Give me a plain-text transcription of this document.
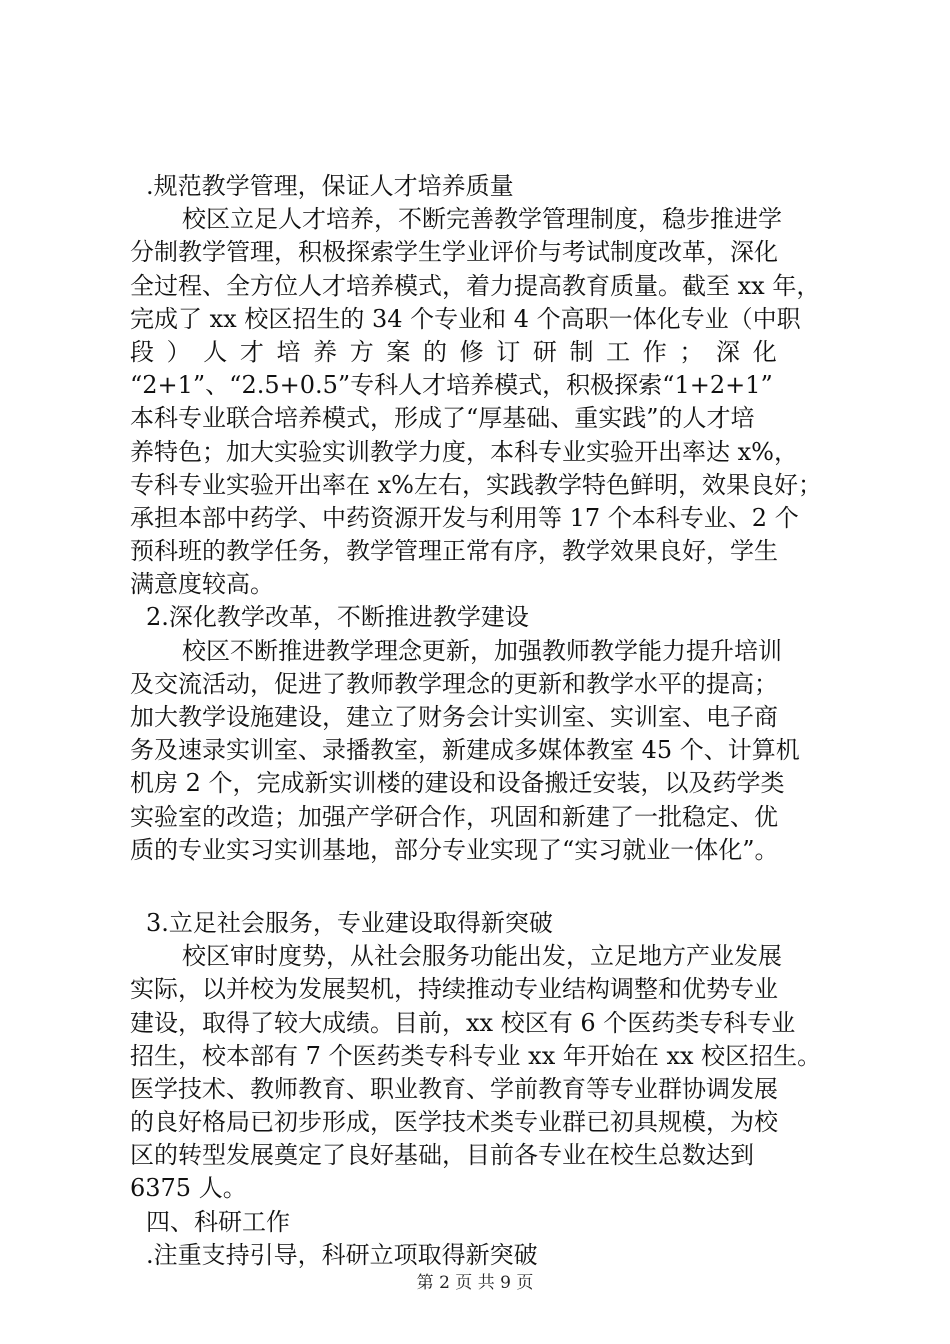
.规范教学管理，保证人才培养质量
校区立足人才培养，不断完善教学管理制度，稳步推进学
分制教学管理，积极探索学生学业评价与考试制度改革，深化
全过程、全方位人才培养模式，着力提高教育质量。截至 xx 年，
完成了 xx 校区招生的 34 个专业和 4 个高职一体化专业（中职
段 ） 人 才 培 养 方 案 的 修 订 研 制 工 作 ； 深 化
“2+1”、“2.5+0.5”专科人才培养模式，积极探索“1+2+1”
本科专业联合培养模式，形成了“厚基础、重实践”的人才培
养特色；加大实验实训教学力度，本科专业实验开出率达 x%，
专科专业实验开出率在 x%左右，实践教学特色鲜明，效果良好；
承担本部中药学、中药资源开发与利用等 17 个本科专业、2 个
预科班的教学任务，教学管理正常有序，教学效果良好，学生
满意度较高。
2.深化教学改革，不断推进教学建设
校区不断推进教学理念更新，加强教师教学能力提升培训
及交流活动，促进了教师教学理念的更新和教学水平的提高；
加大教学设施建设，建立了财务会计实训室、实训室、电子商
务及速录实训室、录播教室，新建成多媒体教室 45 个、计算机
机房 2 个，完成新实训楼的建设和设备搬迁安装，以及药学类
实验室的改造；加强产学研合作，巩固和新建了一批稳定、优
质的专业实习实训基地，部分专业实现了“实习就业一体化”。
3.立足社会服务，专业建设取得新突破
校区审时度势，从社会服务功能出发，立足地方产业发展
实际，以并校为发展契机，持续推动专业结构调整和优势专业
建设，取得了较大成绩。目前，xx 校区有 6 个医药类专科专业
招生，校本部有 7 个医药类专科专业 xx 年开始在 xx 校区招生。
医学技术、教师教育、职业教育、学前教育等专业群协调发展
的良好格局已初步形成，医学技术类专业群已初具规模，为校
区的转型发展奠定了良好基础，目前各专业在校生总数达到
6375 人。
四、科研工作
.注重支持引导，科研立项取得新突破
第 2 页 共 9 页
